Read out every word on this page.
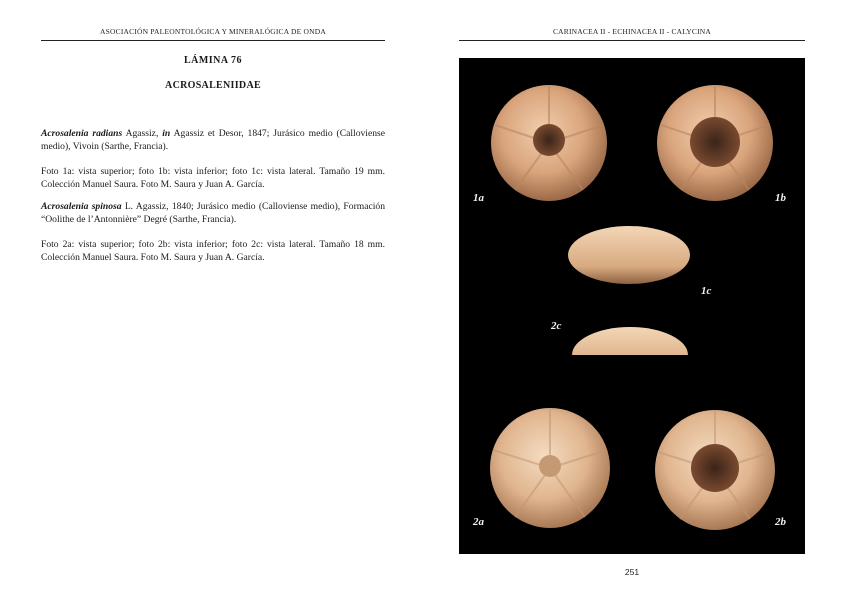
ASOCIACIÓN PALEONTOLÓGICA Y MINERALÓGICA DE ONDA	CARINACEA II - ECHINACEA II - CALYCINA
LÁMINA 76
ACROSALENIIDAE

Acrosalenia radians Agassiz, in Agassiz et Desor, 1847; Jurásico medio (Calloviense medio), Vivoin (Sarthe, Francia).

Foto 1a: vista superior; foto 1b: vista inferior; foto 1c: vista lateral. Tamaño 19 mm. Colección Manuel Saura. Foto M. Saura y Juan A. García.

Acrosalenia spinosa L. Agassiz, 1840; Jurásico medio (Calloviense medio), Formación “Oolithe de l’Antonnière” Degré (Sarthe, Francia).

Foto 2a: vista superior; foto 2b: vista inferior; foto 2c: vista lateral. Tamaño 18 mm. Colección Manuel Saura. Foto M. Saura y Juan A. García.

1a	1b
1c
2c
2a	2b
251
